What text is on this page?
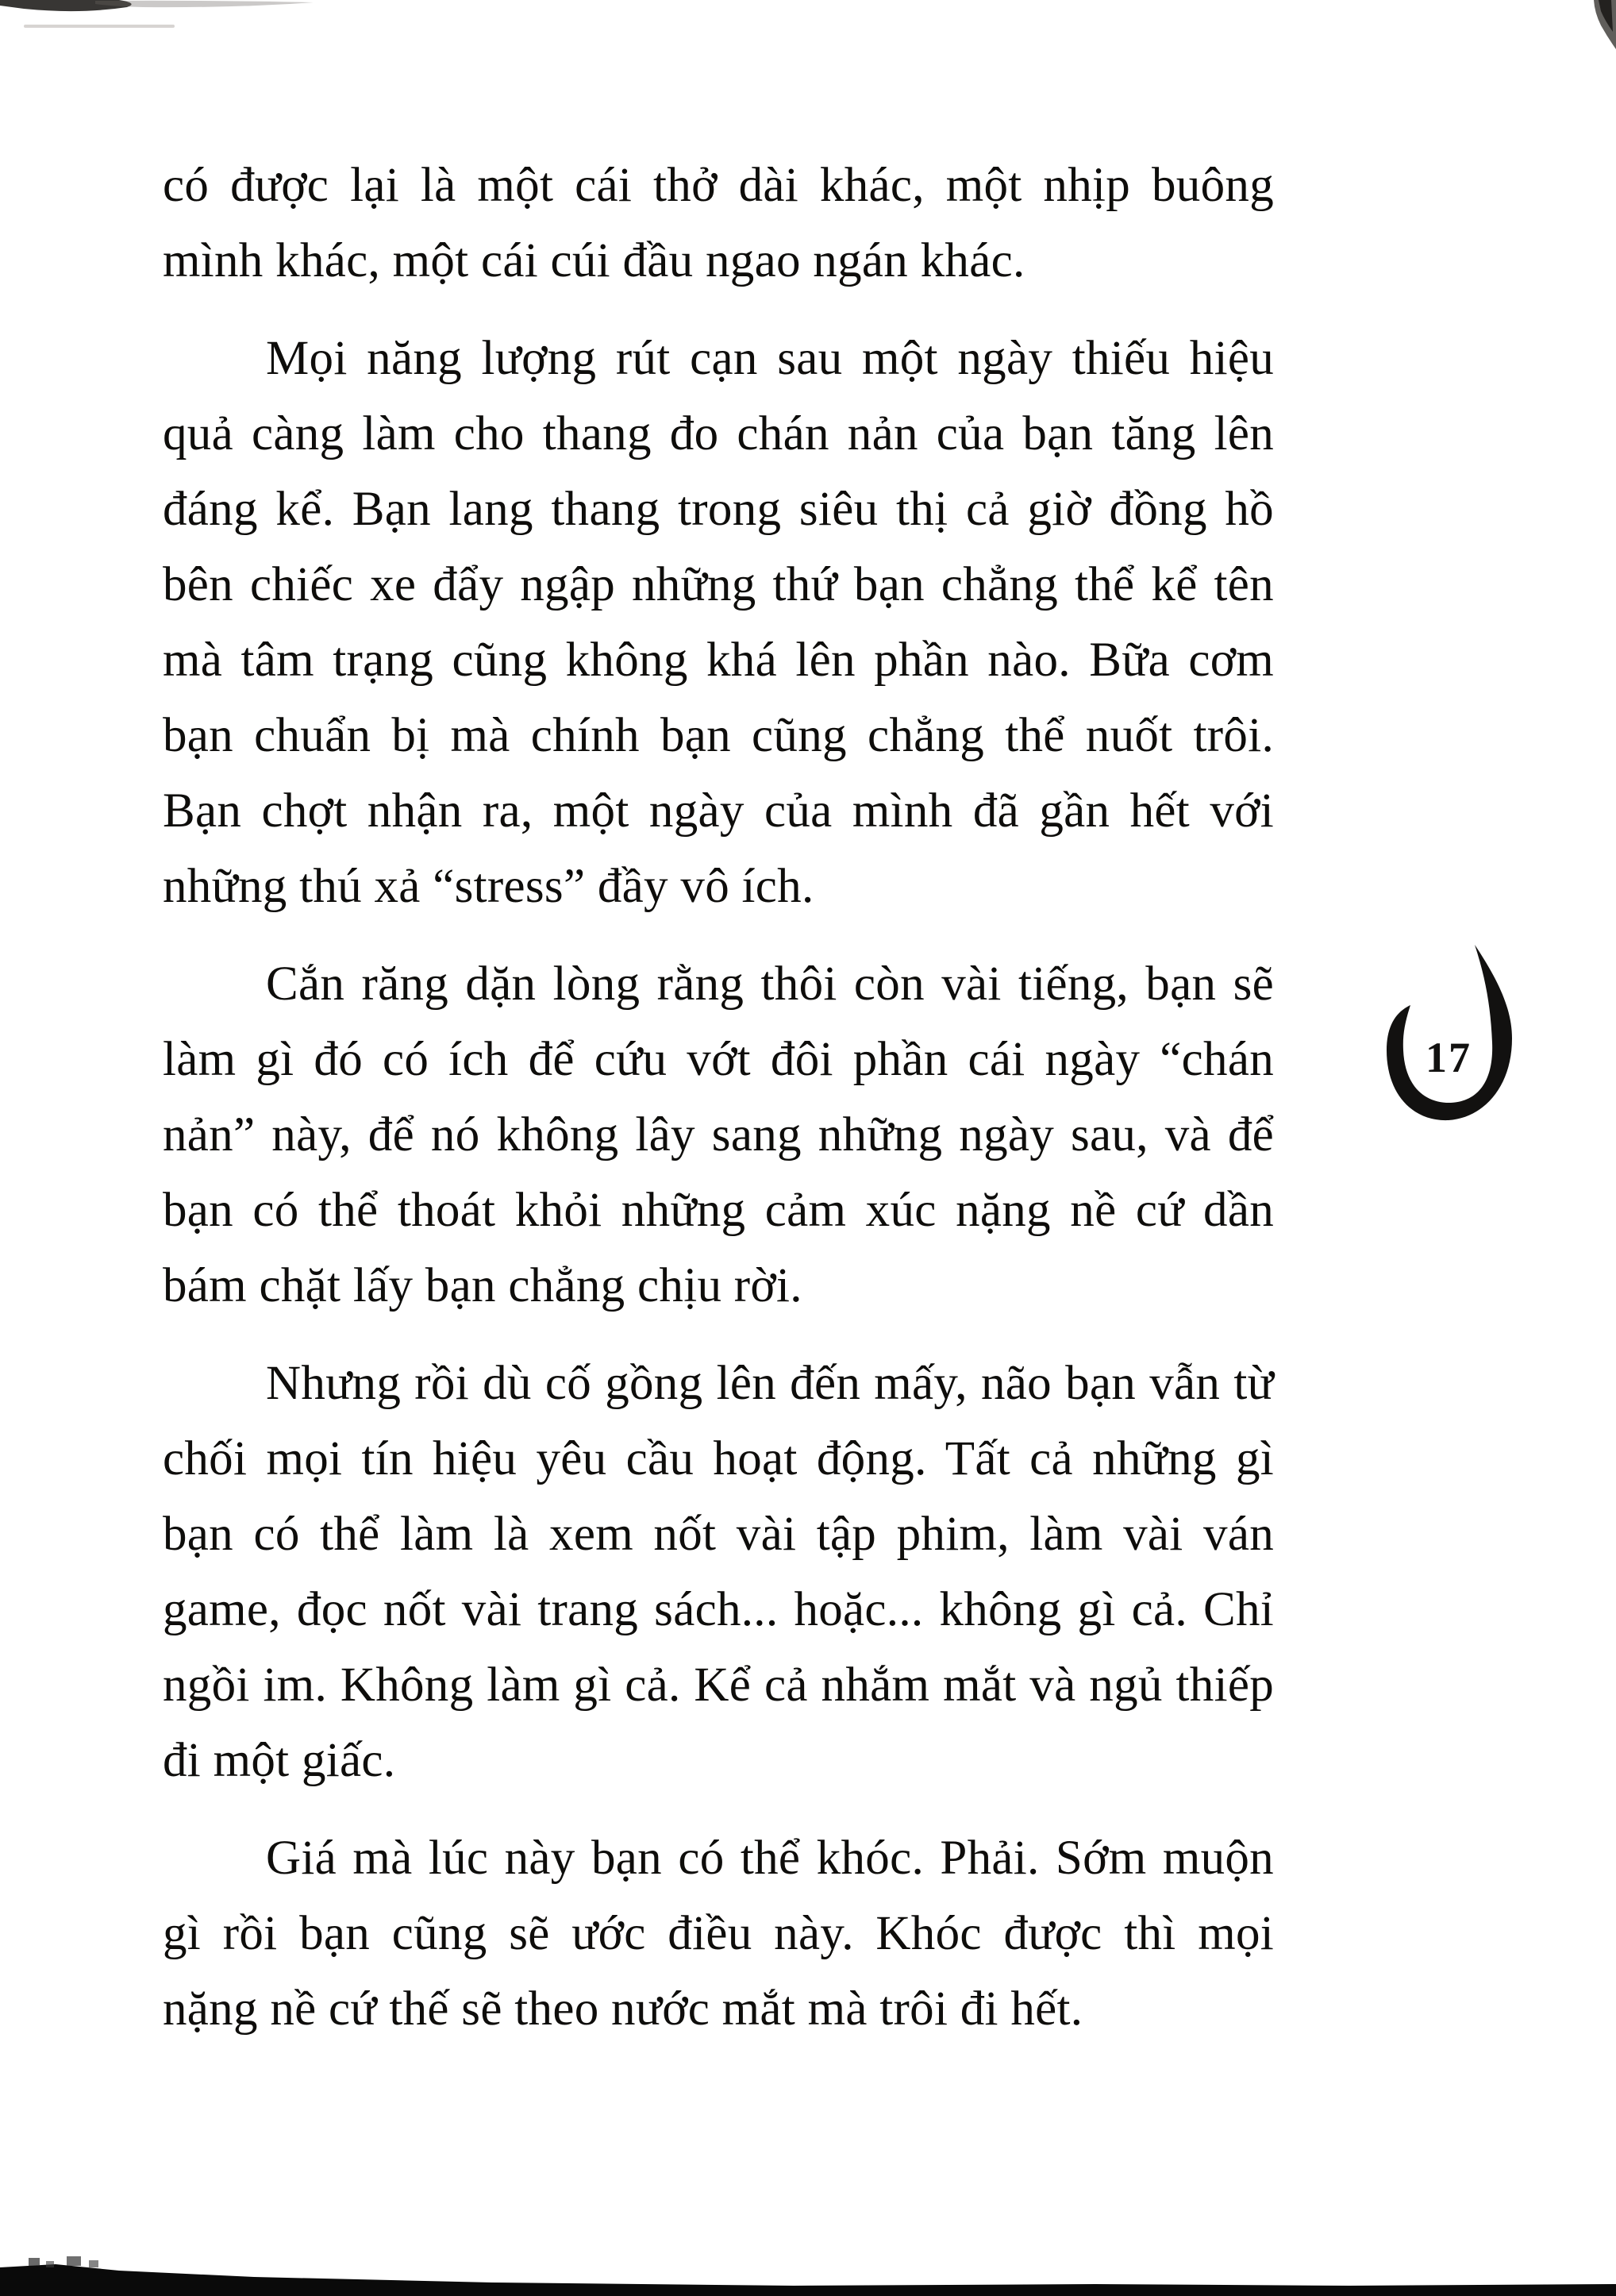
có được lại là một cái thở dài khác, một nhịp buông mình khác, một cái cúi đầu ngao ngán khác.

Mọi năng lượng rút cạn sau một ngày thiếu hiệu quả càng làm cho thang đo chán nản của bạn tăng lên đáng kể. Bạn lang thang trong siêu thị cả giờ đồng hồ bên chiếc xe đẩy ngập những thứ bạn chẳng thể kể tên mà tâm trạng cũng không khá lên phần nào. Bữa cơm bạn chuẩn bị mà chính bạn cũng chẳng thể nuốt trôi. Bạn chợt nhận ra, một ngày của mình đã gần hết với những thú xả “stress” đầy vô ích.

Cắn răng dặn lòng rằng thôi còn vài tiếng, bạn sẽ làm gì đó có ích để cứu vớt đôi phần cái ngày “chán nản” này, để nó không lây sang những ngày sau, và để bạn có thể thoát khỏi những cảm xúc nặng nề cứ dần bám chặt lấy bạn chẳng chịu rời.

Nhưng rồi dù cố gồng lên đến mấy, não bạn vẫn từ chối mọi tín hiệu yêu cầu hoạt động. Tất cả những gì bạn có thể làm là xem nốt vài tập phim, làm vài ván game, đọc nốt vài trang sách... hoặc... không gì cả. Chỉ ngồi im. Không làm gì cả. Kể cả nhắm mắt và ngủ thiếp đi một giấc.

Giá mà lúc này bạn có thể khóc. Phải. Sớm muộn gì rồi bạn cũng sẽ ước điều này. Khóc được thì mọi nặng nề cứ thế sẽ theo nước mắt mà trôi đi hết.

17
